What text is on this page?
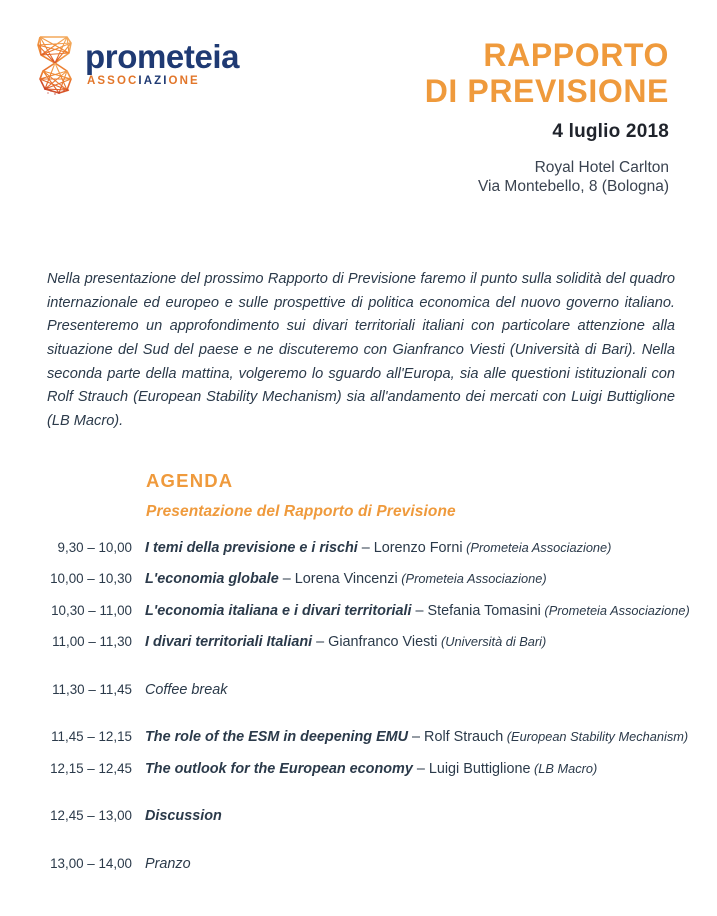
prometeia
ASSOCIAZIONE
RAPPORTO
DI PREVISIONE
4 luglio 2018
Royal Hotel Carlton
Via Montebello, 8 (Bologna)
Nella presentazione del prossimo Rapporto di Previsione faremo il punto sulla solidità del quadro internazionale ed europeo e sulle prospettive di politica economica del nuovo governo italiano. Presenteremo un approfondimento sui divari territoriali italiani con particolare attenzione alla situazione del Sud del paese e ne discuteremo con Gianfranco Viesti (Università di Bari). Nella seconda parte della mattina, volgeremo lo sguardo all'Europa, sia alle questioni istituzionali con Rolf Strauch (European Stability Mechanism) sia all'andamento dei mercati con Luigi Buttiglione (LB Macro).
AGENDA
Presentazione del Rapporto di Previsione
9,30 – 10,00 I temi della previsione e i rischi – Lorenzo Forni (Prometeia Associazione)
10,00 – 10,30 L'economia globale – Lorena Vincenzi (Prometeia Associazione)
10,30 – 11,00 L'economia italiana e i divari territoriali – Stefania Tomasini (Prometeia Associazione)
11,00 – 11,30 I divari territoriali Italiani – Gianfranco Viesti (Università di Bari)
11,30 – 11,45 Coffee break
11,45 – 12,15 The role of the ESM in deepening EMU – Rolf Strauch (European Stability Mechanism)
12,15 – 12,45 The outlook for the European economy – Luigi Buttiglione (LB Macro)
12,45 – 13,00 Discussion
13,00 – 14,00 Pranzo
